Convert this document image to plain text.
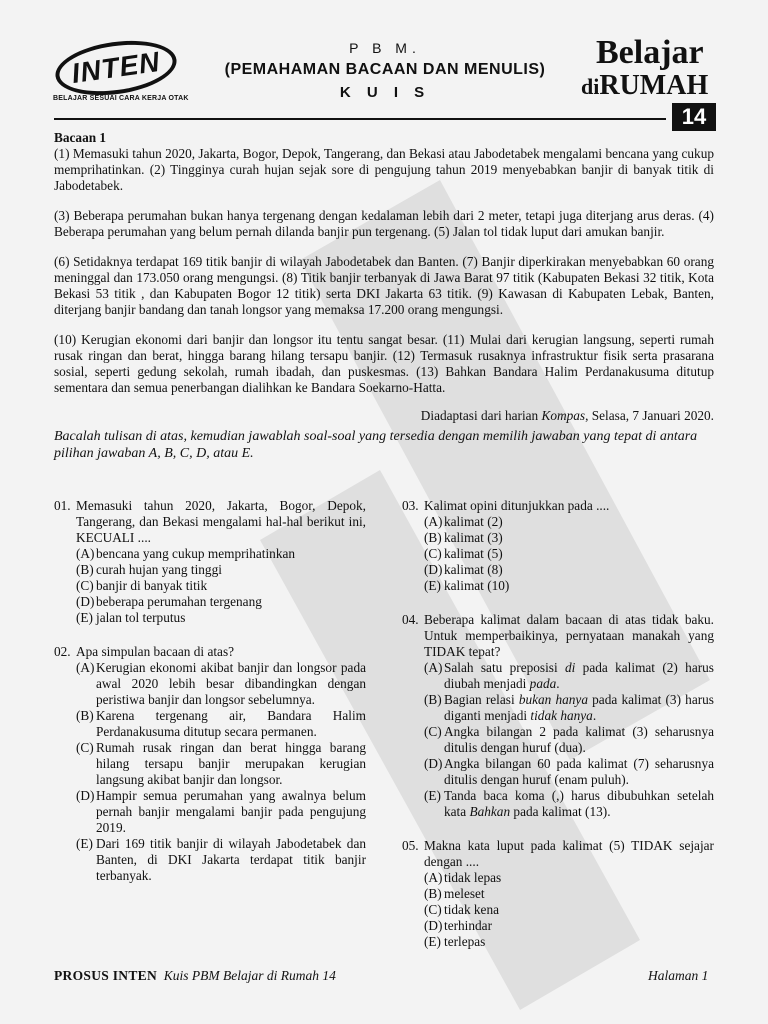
INTEN
BELAJAR SESUAI CARA KERJA OTAK
P B M.
(PEMAHAMAN BACAAN DAN MENULIS)
K U I S
Belajar
diRUMAH
14
Bacaan 1

(1) Memasuki tahun 2020, Jakarta, Bogor, Depok, Tangerang, dan Bekasi atau Jabodetabek mengalami bencana yang cukup memprihatinkan. (2) Tingginya curah hujan sejak sore di pengujung tahun 2019 menyebabkan banjir di banyak titik di Jabodetabek.

(3) Beberapa perumahan bukan hanya tergenang dengan kedalaman lebih dari 2 meter, tetapi juga diterjang arus deras. (4) Beberapa perumahan yang belum pernah dilanda banjir pun tergenang. (5) Jalan tol tidak luput dari amukan banjir.

(6) Setidaknya terdapat 169 titik banjir di wilayah Jabodetabek dan Banten. (7) Banjir diperkirakan menyebabkan 60 orang meninggal dan 173.050 orang mengungsi. (8) Titik banjir terbanyak di Jawa Barat 97 titik (Kabupaten Bekasi 32 titik, Kota Bekasi 53 titik , dan Kabupaten Bogor 12 titik) serta DKI Jakarta 63 titik. (9) Kawasan di Kabupaten Lebak, Banten, diterjang banjir bandang dan tanah longsor yang memaksa 17.200 orang mengungsi.

(10) Kerugian ekonomi dari banjir dan longsor itu tentu sangat besar. (11) Mulai dari kerugian langsung, seperti rumah rusak ringan dan berat, hingga barang hilang tersapu banjir. (12) Termasuk rusaknya infrastruktur fisik serta prasarana sosial, seperti gedung sekolah, rumah ibadah, dan puskesmas. (13) Bahkan Bandara Halim Perdanakusuma ditutup sementara dan semua penerbangan dialihkan ke Bandara Soekarno-Hatta.

Diadaptasi dari harian Kompas, Selasa, 7 Januari 2020.
Bacalah tulisan di atas, kemudian jawablah soal-soal yang tersedia dengan memilih jawaban yang tepat di antara pilihan jawaban A, B, C, D, atau E.
01. Memasuki tahun 2020, Jakarta, Bogor, Depok, Tangerang, dan Bekasi mengalami hal-hal berikut ini, KECUALI ....
(A) bencana yang cukup memprihatinkan
(B) curah hujan yang tinggi
(C) banjir di banyak titik
(D) beberapa perumahan tergenang
(E) jalan tol terputus
02. Apa simpulan bacaan di atas?
(A) Kerugian ekonomi akibat banjir dan longsor pada awal 2020 lebih besar dibandingkan dengan peristiwa banjir dan longsor sebelumnya.
(B) Karena tergenang air, Bandara Halim Perdanakusuma ditutup secara permanen.
(C) Rumah rusak ringan dan berat hingga barang hilang tersapu banjir merupakan kerugian langsung akibat banjir dan longsor.
(D) Hampir semua perumahan yang awalnya belum pernah banjir mengalami banjir pada pengujung 2019.
(E) Dari 169 titik banjir di wilayah Jabodetabek dan Banten, di DKI Jakarta terdapat titik banjir terbanyak.
03. Kalimat opini ditunjukkan pada ....
(A) kalimat (2)
(B) kalimat (3)
(C) kalimat (5)
(D) kalimat (8)
(E) kalimat (10)
04. Beberapa kalimat dalam bacaan di atas tidak baku. Untuk memperbaikinya, pernyataan manakah yang TIDAK tepat?
(A) Salah satu preposisi di pada kalimat (2) harus diubah menjadi pada.
(B) Bagian relasi bukan hanya pada kalimat (3) harus diganti menjadi tidak hanya.
(C) Angka bilangan 2 pada kalimat (3) seharusnya ditulis dengan huruf (dua).
(D) Angka bilangan 60 pada kalimat (7) seharusnya ditulis dengan huruf (enam puluh).
(E) Tanda baca koma (,) harus dibubuhkan setelah kata Bahkan pada kalimat (13).
05. Makna kata luput pada kalimat (5) TIDAK sejajar dengan ....
(A) tidak lepas
(B) meleset
(C) tidak kena
(D) terhindar
(E) terlepas
PROSUS INTEN Kuis PBM Belajar di Rumah 14	Halaman 1
